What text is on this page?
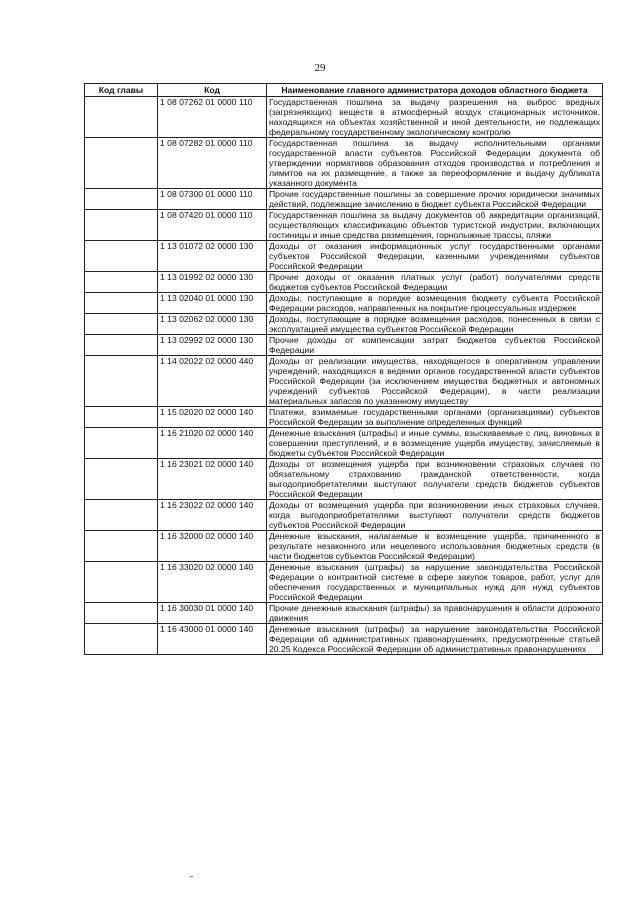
29
Код главы	Код	Наименование главного администратора доходов областного бюджета
	1 08 07262 01 0000 110	Государственная пошлина за выдачу разрешения на выброс вредных (загрязняющих) веществ в атмосферный воздух стационарных источников, находящихся на объектах хозяйственной и иной деятельности, не подлежащих федеральному государственному экологическому контролю
	1 08 07282 01 0000 110	Государственная пошлина за выдачу исполнительными органами государственной власти субъектов Российской Федерации документа об утверждении нормативов образования отходов производства и потребления и лимитов на их размещение, а также за переоформление и выдачу дубликата указанного документа
	1 08 07300 01 0000 110	Прочие государственные пошлины за совершение прочих юридически значимых действий, подлежащие зачислению в бюджет субъекта Российской Федерации
	1 08 07420 01 0000 110	Государственная пошлина за выдачу документов об аккредитации организаций, осуществляющих классификацию объектов туристской индустрии, включающих гостиницы и иные средства размещения, горнолыжные трассы, пляжи
	1 13 01072 02 0000 130	Доходы от оказания информационных услуг государственными органами субъектов Российской Федерации, казенными учреждениями субъектов Российской Федерации
	1 13 01992 02 0000 130	Прочие доходы от оказания платных услуг (работ) получателями средств бюджетов субъектов Российской Федерации
	1 13 02040 01 0000 130	Доходы, поступающие в порядке возмещения бюджету субъекта Российской Федерации расходов, направленных на покрытие процессуальных издержек
	1 13 02062 02 0000 130	Доходы, поступающие в порядке возмещения расходов, понесенных в связи с эксплуатацией имущества субъектов Российской Федерации
	1 13 02992 02 0000 130	Прочие доходы от компенсации затрат бюджетов субъектов Российской Федерации
	1 14 02022 02 0000 440	Доходы от реализации имущества, находящегося в оперативном управлении учреждений, находящихся в ведении органов государственной власти субъектов Российской Федерации (за исключением имущества бюджетных и автономных учреждений субъектов Российской Федерации), в части реализации материальных запасов по указанному имуществу
	1 15 02020 02 0000 140	Платежи, взимаемые государственными органами (организациями) субъектов Российской Федерации за выполнение определенных функций
	1 16 21020 02 0000 140	Денежные взыскания (штрафы) и иные суммы, взыскиваемые с лиц, виновных в совершении преступлений, и в возмещение ущерба имуществу, зачисляемые в бюджеты субъектов Российской Федерации
	1 16 23021 02 0000 140	Доходы от возмещения ущерба при возникновении страховых случаев по обязательному страхованию гражданской ответственности, когда выгодоприобретателями выступают получатели средств бюджетов субъектов Российской Федерации
	1 16 23022 02 0000 140	Доходы от возмещения ущерба при возникновении иных страховых случаев, когда выгодоприобретателями выступают получатели средств бюджетов субъектов Российской Федерации
	1 16 32000 02 0000 140	Денежные взыскания, налагаемые в возмещение ущерба, причиненного в результате незаконного или нецелевого использования бюджетных средств (в части бюджетов субъектов Российской Федерации)
	1 16 33020 02 0000 140	Денежные взыскания (штрафы) за нарушение законодательства Российской Федерации о контрактной системе в сфере закупок товаров, работ, услуг для обеспечения государственных и муниципальных нужд для нужд субъектов Российской Федерации
	1 16 30030 01 0000 140	Прочие денежные взыскания (штрафы) за правонарушения в области дорожного движения
	1 16 43000 01 0000 140	Денежные взыскания (штрафы) за нарушение законодательства Российской Федерации об административных правонарушениях, предусмотренные статьей 20.25 Кодекса Российской Федерации об административных правонарушениях
